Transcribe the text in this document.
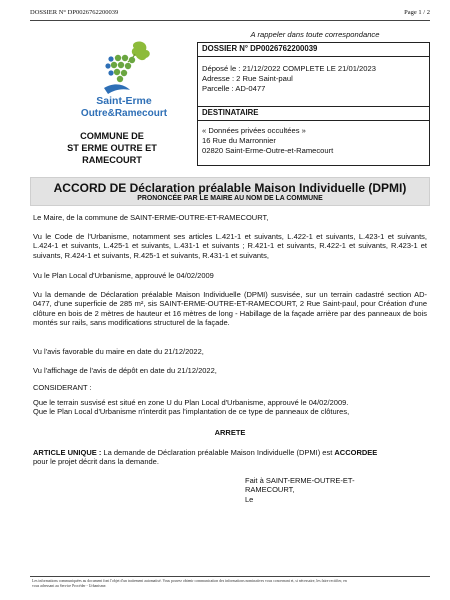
DOSSIER N° DP0026762200039	Page 1 / 2
A rappeler dans toute correspondance
Saint-Erme
Outre&Ramecourt
COMMUNE DE
ST ERME OUTRE ET
RAMECOURT
DOSSIER N° DP0026762200039
Déposé le : 21/12/2022 COMPLETE LE 21/01/2023
Adresse : 2 Rue Saint-paul
Parcelle : AD-0477
DESTINATAIRE
« Données privées occultées »
16 Rue du Marronnier
02820 Saint-Erme-Outre-et-Ramecourt
ACCORD DE Déclaration préalable Maison Individuelle (DPMI)
PRONONCÉE PAR LE MAIRE AU NOM DE LA COMMUNE
Le Maire, de la commune de SAINT-ERME-OUTRE-ET-RAMECOURT,
Vu le Code de l'Urbanisme, notamment ses articles L.421-1 et suivants, L.422-1 et suivants, L.423-1 et suivants, L.424-1 et suivants, L.425-1 et suivants, L.431-1 et suivants ; R.421-1 et suivants, R.422-1 et suivants, R.423-1 et suivants, R.424-1 et suivants, R.425-1 et suivants, R.431-1 et suivants,
Vu le Plan Local d'Urbanisme, approuvé le 04/02/2009
Vu la demande de Déclaration préalable Maison Individuelle (DPMI) susvisée, sur un terrain cadastré section AD-0477, d'une superficie de 285 m², sis SAINT-ERME-OUTRE-ET-RAMECOURT, 2 Rue Saint-paul, pour Création d'une clôture en bois de 2 mètres de hauteur et 16 mètres de long - Habillage de la façade arrière par des panneaux de bois montés sur rails, sans modifications structurel de la façade.
Vu l'avis favorable du maire en date du 21/12/2022,
Vu l'affichage de l'avis de dépôt en date du 21/12/2022,
CONSIDERANT :
Que le terrain susvisé est situé en zone U du Plan Local d'Urbanisme, approuvé le 04/02/2009.
Que le Plan Local d'Urbanisme n'interdit pas l'implantation de ce type de panneaux de clôtures,
ARRETE
ARTICLE UNIQUE : La demande de Déclaration préalable Maison Individuelle (DPMI) est ACCORDEE
pour le projet décrit dans la demande.
Fait à SAINT-ERME-OUTRE-ET-
RAMECOURT,
Le
Les informations communiquées au document font l'objet d'un traitement automatisé. Vous pouvez obtenir communication des informations nominatives vous concernant et, si nécessaire, les faire rectifier, en
vous adressant au Service Procéder - Urbanisme.
